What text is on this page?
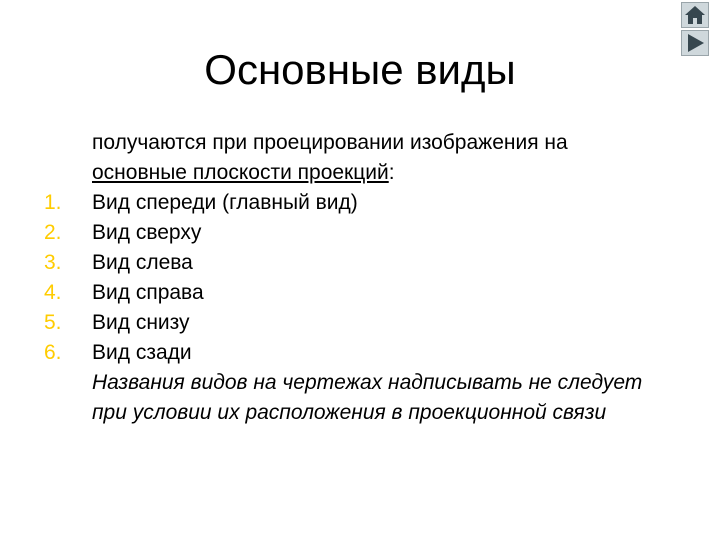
Основные виды
получаются при проецировании изображения на основные плоскости проекций:
1.	Вид спереди (главный вид)
2.	Вид сверху
3.	Вид слева
4.	Вид справа
5.	Вид снизу
6.	Вид сзади
Названия видов на чертежах надписывать не следует при условии их расположения в проекционной связи
